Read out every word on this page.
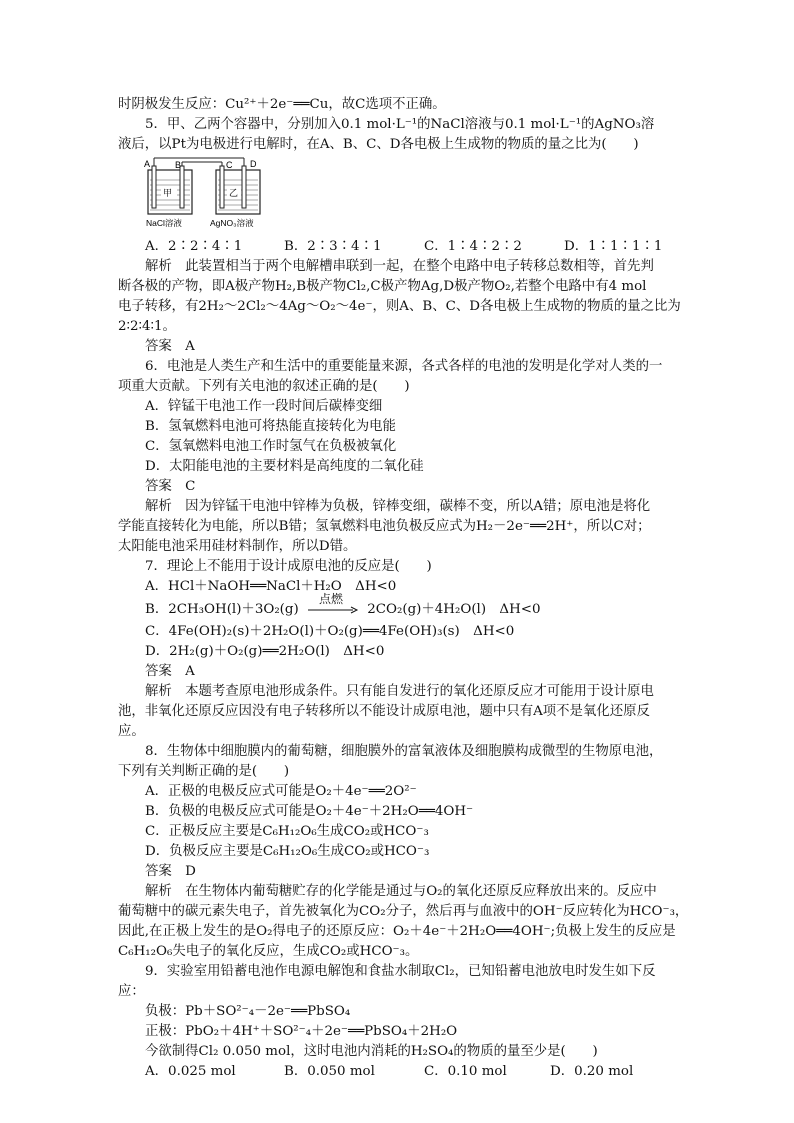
时阴极发生反应：Cu²⁺＋2e⁻══Cu，故C选项不正确。
5．甲、乙两个容器中，分别加入0.1 mol·L⁻¹的NaCl溶液与0.1 mol·L⁻¹的AgNO₃溶
液后，以Pt为电极进行电解时，在A、B、C、D各电极上生成物的物质的量之比为(　　)
A	B	C D
甲	乙
NaCl溶液	AgNO₃溶液
A．2∶2∶4∶1	B．2∶3∶4∶1	C．1∶4∶2∶2	D．1∶1∶1∶1
解析　此装置相当于两个电解槽串联到一起，在整个电路中电子转移总数相等，首先判
断各极的产物，即A极产物H₂,B极产物Cl₂,C极产物Ag,D极产物O₂,若整个电路中有4 mol
电子转移，有2H₂～2Cl₂～4Ag～O₂～4e⁻，则A、B、C、D各电极上生成物的物质的量之比为
2∶2∶4∶1。
答案　A
6．电池是人类生产和生活中的重要能量来源，各式各样的电池的发明是化学对人类的一
项重大贡献。下列有关电池的叙述正确的是(　　)
A．锌锰干电池工作一段时间后碳棒变细
B．氢氧燃料电池可将热能直接转化为电能
C．氢氧燃料电池工作时氢气在负极被氧化
D．太阳能电池的主要材料是高纯度的二氧化硅
答案　C
解析　因为锌锰干电池中锌棒为负极，锌棒变细，碳棒不变，所以A错；原电池是将化
学能直接转化为电能，所以B错；氢氧燃料电池负极反应式为H₂－2e⁻══2H⁺，所以C对；
太阳能电池采用硅材料制作，所以D错。
7．理论上不能用于设计成原电池的反应是(　　)
A．HCl＋NaOH══NaCl＋H₂O　ΔH<0
B．2CH₃OH(l)＋3O₂(g)
点燃
2CO₂(g)＋4H₂O(l)　ΔH<0
C．4Fe(OH)₂(s)＋2H₂O(l)＋O₂(g)══4Fe(OH)₃(s)　ΔH<0
D．2H₂(g)＋O₂(g)══2H₂O(l)　ΔH<0
答案　A
解析　本题考查原电池形成条件。只有能自发进行的氧化还原反应才可能用于设计原电
池，非氧化还原反应因没有电子转移所以不能设计成原电池，题中只有A项不是氧化还原反
应。
8．生物体中细胞膜内的葡萄糖，细胞膜外的富氧液体及细胞膜构成微型的生物原电池，
下列有关判断正确的是(　　)
A．正极的电极反应式可能是O₂＋4e⁻══2O²⁻
B．负极的电极反应式可能是O₂＋4e⁻＋2H₂O══4OH⁻
C．正极反应主要是C₆H₁₂O₆生成CO₂或HCO⁻₃
D．负极反应主要是C₆H₁₂O₆生成CO₂或HCO⁻₃
答案　D
解析　在生物体内葡萄糖贮存的化学能是通过与O₂的氧化还原反应释放出来的。反应中
葡萄糖中的碳元素失电子，首先被氧化为CO₂分子，然后再与血液中的OH⁻反应转化为HCO⁻₃，
因此,在正极上发生的是O₂得电子的还原反应：O₂＋4e⁻＋2H₂O══4OH⁻;负极上发生的反应是
C₆H₁₂O₆失电子的氧化反应，生成CO₂或HCO⁻₃。
9．实验室用铅蓄电池作电源电解饱和食盐水制取Cl₂，已知铅蓄电池放电时发生如下反
应：
负极：Pb＋SO²⁻₄－2e⁻══PbSO₄
正极：PbO₂＋4H⁺＋SO²⁻₄＋2e⁻══PbSO₄＋2H₂O
今欲制得Cl₂ 0.050 mol，这时电池内消耗的H₂SO₄的物质的量至少是(　　)
A．0.025 mol	B．0.050 mol	C．0.10 mol	D．0.20 mol
